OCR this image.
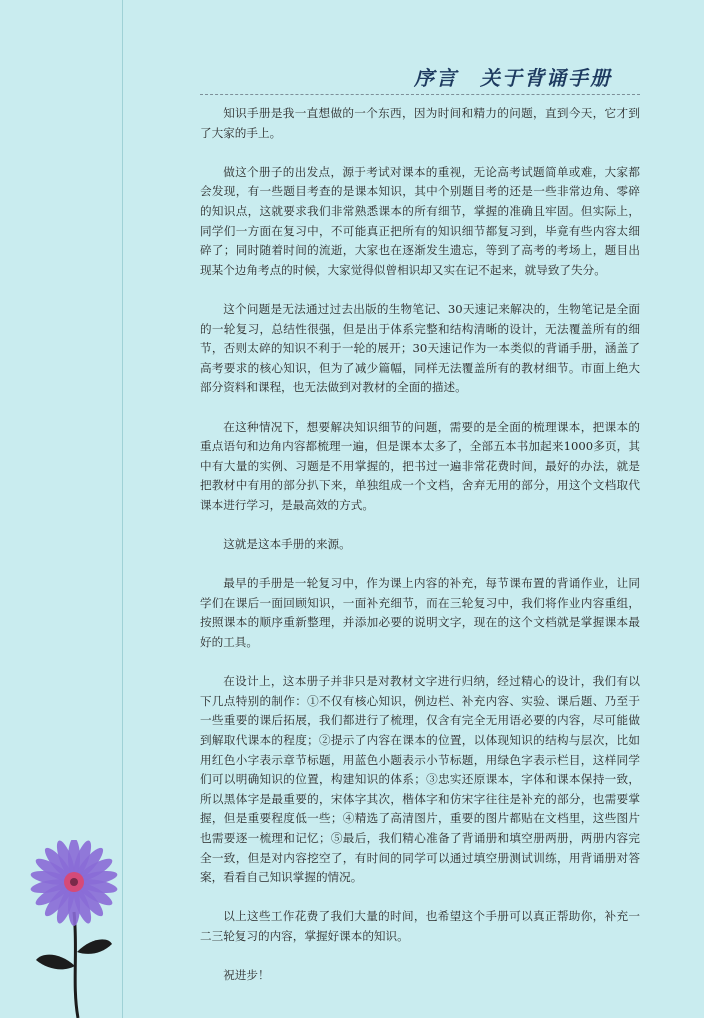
序言　关于背诵手册

知识手册是我一直想做的一个东西，因为时间和精力的问题，直到今天，它才到了大家的手上。

做这个册子的出发点，源于考试对课本的重视，无论高考试题简单或难，大家都会发现，有一些题目考查的是课本知识，其中个别题目考的还是一些非常边角、零碎的知识点，这就要求我们非常熟悉课本的所有细节，掌握的准确且牢固。但实际上，同学们一方面在复习中，不可能真正把所有的知识细节都复习到，毕竟有些内容太细碎了；同时随着时间的流逝，大家也在逐渐发生遗忘，等到了高考的考场上，题目出现某个边角考点的时候，大家觉得似曾相识却又实在记不起来，就导致了失分。

这个问题是无法通过过去出版的生物笔记、30天速记来解决的，生物笔记是全面的一轮复习，总结性很强，但是出于体系完整和结构清晰的设计，无法覆盖所有的细节，否则太碎的知识不利于一轮的展开；30天速记作为一本类似的背诵手册，涵盖了高考要求的核心知识，但为了减少篇幅，同样无法覆盖所有的教材细节。市面上绝大部分资料和课程，也无法做到对教材的全面的描述。

在这种情况下，想要解决知识细节的问题，需要的是全面的梳理课本，把课本的重点语句和边角内容都梳理一遍，但是课本太多了，全部五本书加起来1000多页，其中有大量的实例、习题是不用掌握的，把书过一遍非常花费时间，最好的办法，就是把教材中有用的部分扒下来，单独组成一个文档，舍弃无用的部分，用这个文档取代课本进行学习，是最高效的方式。

这就是这本手册的来源。

最早的手册是一轮复习中，作为课上内容的补充，每节课布置的背诵作业，让同学们在课后一面回顾知识，一面补充细节，而在三轮复习中，我们将作业内容重组，按照课本的顺序重新整理，并添加必要的说明文字，现在的这个文档就是掌握课本最好的工具。

在设计上，这本册子并非只是对教材文字进行归纳，经过精心的设计，我们有以下几点特别的制作：①不仅有核心知识，例边栏、补充内容、实验、课后题、乃至于一些重要的课后拓展，我们都进行了梳理，仅含有完全无用语必要的内容，尽可能做到解取代课本的程度；②提示了内容在课本的位置，以体现知识的结构与层次，比如用红色小字表示章节标题，用蓝色小题表示小节标题，用绿色字表示栏目，这样同学们可以明确知识的位置，构建知识的体系；③忠实还原课本，字体和课本保持一致，所以黑体字是最重要的，宋体字其次，楷体字和仿宋字往往是补充的部分，也需要掌握，但是重要程度低一些；④精选了高清图片，重要的图片都贴在文档里，这些图片也需要逐一梳理和记忆；⑤最后，我们精心准备了背诵册和填空册两册，两册内容完全一致，但是对内容挖空了，有时间的同学可以通过填空册测试训练，用背诵册对答案，看看自己知识掌握的情况。

以上这些工作花费了我们大量的时间，也希望这个手册可以真正帮助你，补充一二三轮复习的内容，掌握好课本的知识。

祝进步！
